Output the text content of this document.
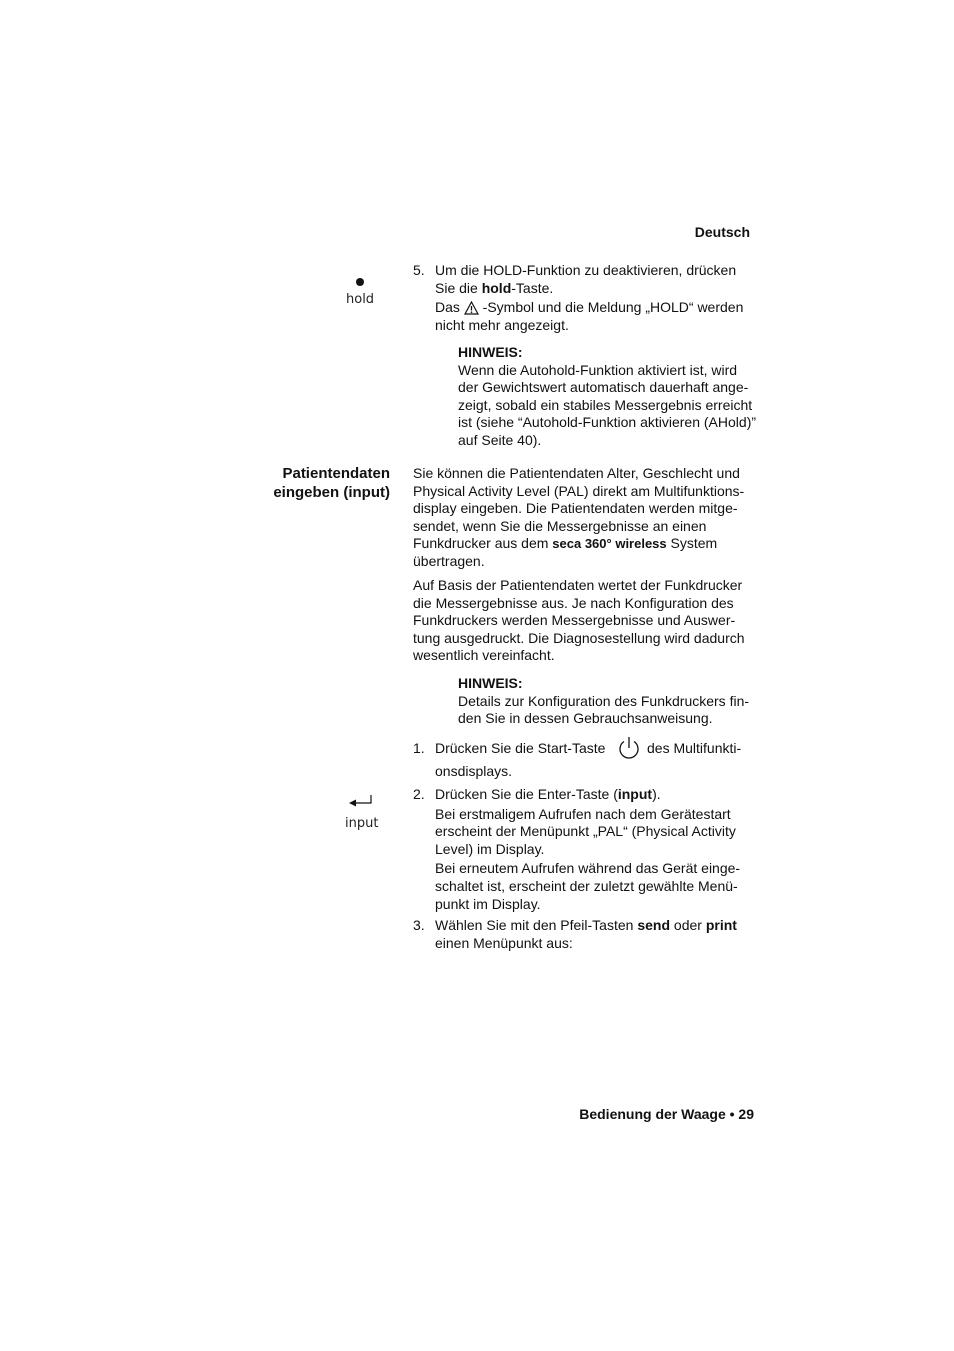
Deutsch
hold
5. Um die HOLD-Funktion zu deaktivieren, drücken
Sie die hold-Taste.
Das  -Symbol und die Meldung „HOLD“ werden
nicht mehr angezeigt.
HINWEIS:
Wenn die Autohold-Funktion aktiviert ist, wird
der Gewichtswert automatisch dauerhaft ange-
zeigt, sobald ein stabiles Messergebnis erreicht
ist (siehe “Autohold-Funktion aktivieren (AHold)”
auf Seite 40).
Patientendaten
eingeben (input)
Sie können die Patientendaten Alter, Geschlecht und
Physical Activity Level (PAL) direkt am Multifunktions-
display eingeben. Die Patientendaten werden mitge-
sendet, wenn Sie die Messergebnisse an einen
Funkdrucker aus dem seca 360° wireless System
übertragen.
Auf Basis der Patientendaten wertet der Funkdrucker
die Messergebnisse aus. Je nach Konfiguration des
Funkdruckers werden Messergebnisse und Auswer-
tung ausgedruckt. Die Diagnosestellung wird dadurch
wesentlich vereinfacht.
HINWEIS:
Details zur Konfiguration des Funkdruckers fin-
den Sie in dessen Gebrauchsanweisung.
1. Drücken Sie die Start-Taste	des Multifunkti-
onsdisplays.
input
2. Drücken Sie die Enter-Taste (input).
Bei erstmaligem Aufrufen nach dem Gerätestart
erscheint der Menüpunkt „PAL“ (Physical Activity
Level) im Display.
Bei erneutem Aufrufen während das Gerät einge-
schaltet ist, erscheint der zuletzt gewählte Menü-
punkt im Display.
3. Wählen Sie mit den Pfeil-Tasten send oder print
einen Menüpunkt aus:
Bedienung der Waage • 29
